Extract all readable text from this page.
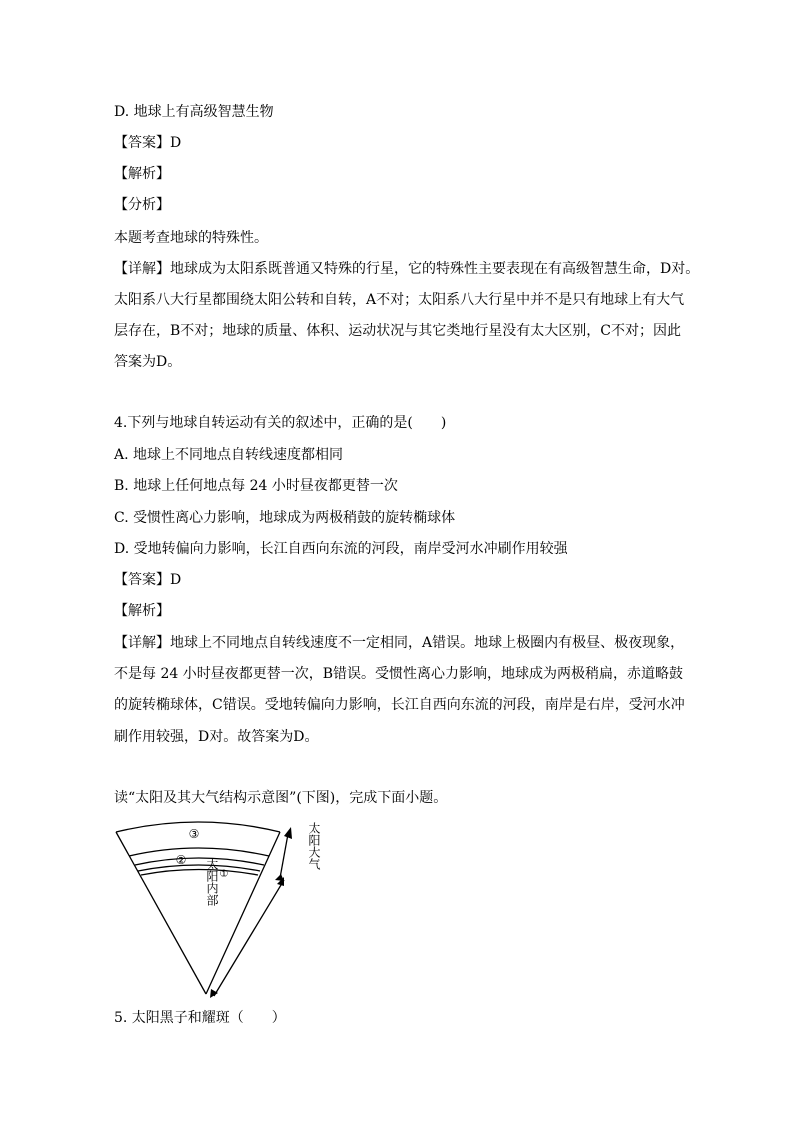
D. 地球上有高级智慧生物
【答案】D
【解析】
【分析】
本题考查地球的特殊性。
【详解】地球成为太阳系既普通又特殊的行星，它的特殊性主要表现在有高级智慧生命，D对。
太阳系八大行星都围绕太阳公转和自转，A不对；太阳系八大行星中并不是只有地球上有大气
层存在，B不对；地球的质量、体积、运动状况与其它类地行星没有太大区别，C不对；因此
答案为D。
4.下列与地球自转运动有关的叙述中，正确的是(　　)
A. 地球上不同地点自转线速度都相同
B. 地球上任何地点每 24 小时昼夜都更替一次
C. 受惯性离心力影响，地球成为两极稍鼓的旋转椭球体
D. 受地转偏向力影响，长江自西向东流的河段，南岸受河水冲刷作用较强
【答案】D
【解析】
【详解】地球上不同地点自转线速度不一定相同，A错误。地球上极圈内有极昼、极夜现象，
不是每 24 小时昼夜都更替一次，B错误。受惯性离心力影响，地球成为两极稍扁，赤道略鼓
的旋转椭球体，C错误。受地转偏向力影响，长江自西向东流的河段，南岸是右岸，受河水冲
刷作用较强，D对。故答案为D。
读“太阳及其大气结构示意图”(下图)，完成下面小题。
③
②
①
太阳大气
太阳内部
5. 太阳黑子和耀斑（　　）
